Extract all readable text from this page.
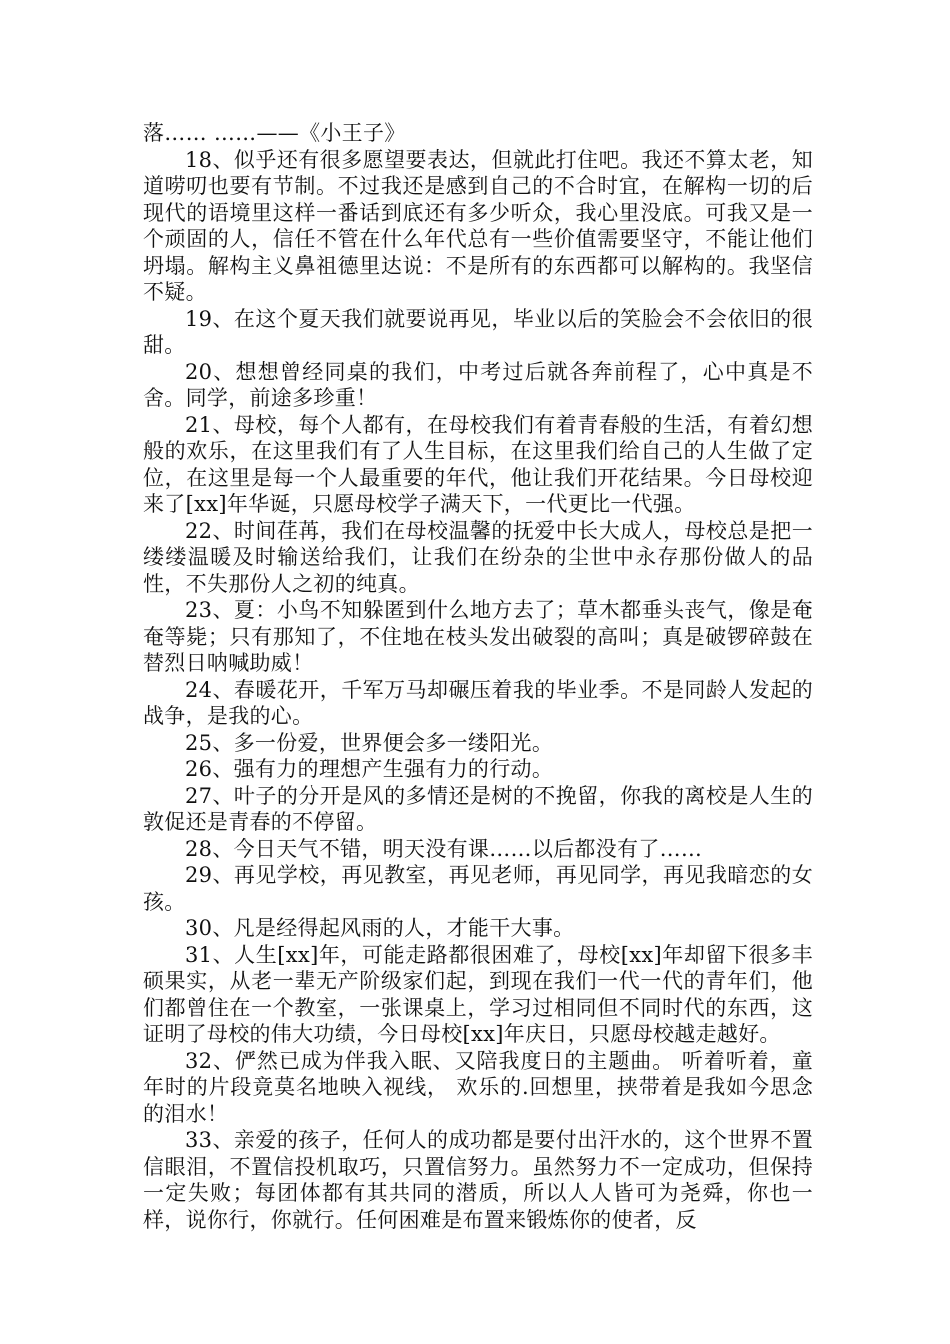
落…… ……——《小王子》

18、似乎还有很多愿望要表达，但就此打住吧。我还不算太老，知道唠叨也要有节制。不过我还是感到自己的不合时宜，在解构一切的后现代的语境里这样一番话到底还有多少听众，我心里没底。可我又是一个顽固的人，信任不管在什么年代总有一些价值需要坚守，不能让他们坍塌。解构主义鼻祖德里达说：不是所有的东西都可以解构的。我坚信不疑。

19、在这个夏天我们就要说再见，毕业以后的笑脸会不会依旧的很甜。

20、想想曾经同桌的我们，中考过后就各奔前程了，心中真是不舍。同学，前途多珍重！

21、母校，每个人都有，在母校我们有着青春般的生活，有着幻想般的欢乐，在这里我们有了人生目标，在这里我们给自己的人生做了定位，在这里是每一个人最重要的年代，他让我们开花结果。今日母校迎来了[xx]年华诞，只愿母校学子满天下，一代更比一代强。

22、时间荏苒，我们在母校温馨的抚爱中长大成人，母校总是把一缕缕温暖及时输送给我们，让我们在纷杂的尘世中永存那份做人的品性，不失那份人之初的纯真。

23、夏：小鸟不知躲匿到什么地方去了；草木都垂头丧气，像是奄奄等毙；只有那知了，不住地在枝头发出破裂的高叫；真是破锣碎鼓在替烈日呐喊助威！

24、春暖花开，千军万马却碾压着我的毕业季。不是同龄人发起的战争，是我的心。

25、多一份爱，世界便会多一缕阳光。

26、强有力的理想产生强有力的行动。

27、叶子的分开是风的多情还是树的不挽留，你我的离校是人生的敦促还是青春的不停留。

28、今日天气不错，明天没有课……以后都没有了……

29、再见学校，再见教室，再见老师，再见同学，再见我暗恋的女孩。

30、凡是经得起风雨的人，才能干大事。

31、人生[xx]年，可能走路都很困难了，母校[xx]年却留下很多丰硕果实，从老一辈无产阶级家们起，到现在我们一代一代的青年们，他们都曾住在一个教室，一张课桌上，学习过相同但不同时代的东西，这证明了母校的伟大功绩，今日母校[xx]年庆日，只愿母校越走越好。

32、俨然已成为伴我入眠、又陪我度日的主题曲。 听着听着，童年时的片段竟莫名地映入视线， 欢乐的.回想里，挟带着是我如今思念的泪水！

33、亲爱的孩子，任何人的成功都是要付出汗水的，这个世界不置信眼泪，不置信投机取巧，只置信努力。虽然努力不一定成功，但保持一定失败；每团体都有其共同的潜质，所以人人皆可为尧舜，你也一样，说你行，你就行。任何困难是布置来锻炼你的使者，反
